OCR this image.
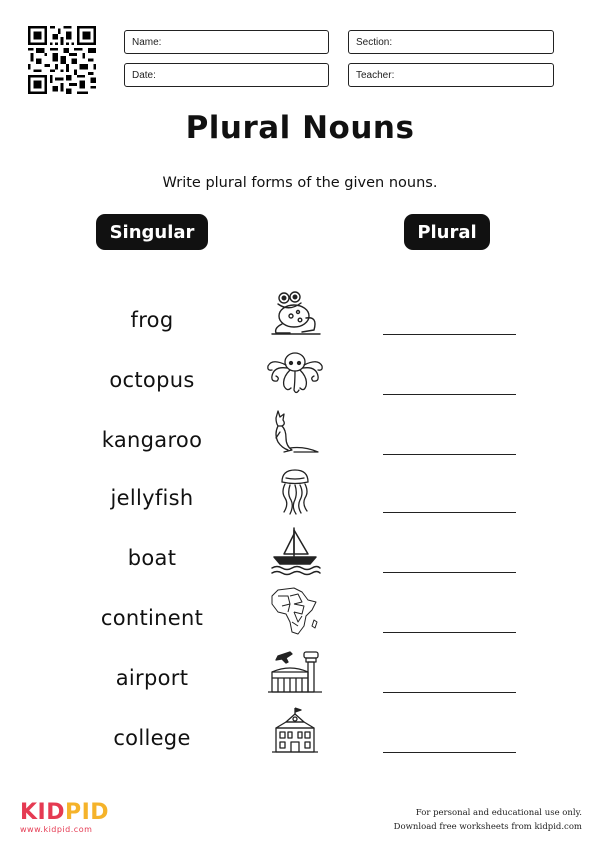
Name:	Section:
Date:	Teacher:
Plural Nouns
Write plural forms of the given nouns.
Singular	Plural
frog
octopus
kangaroo
jellyfish
boat
continent
airport
college
KIDPID
www.kidpid.com
For personal and educational use only.
Download free worksheets from kidpid.com
